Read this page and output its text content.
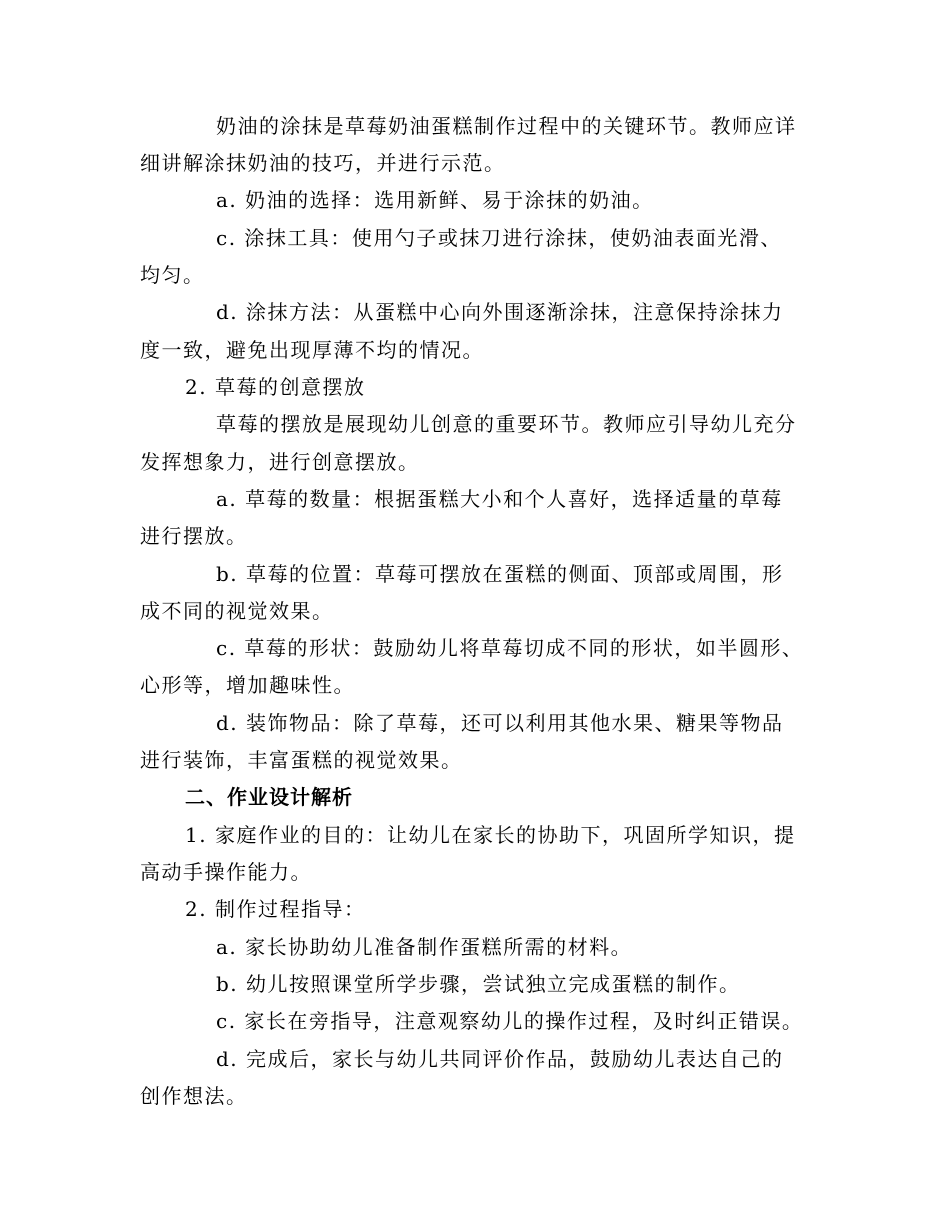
奶油的涂抹是草莓奶油蛋糕制作过程中的关键环节。教师应详
细讲解涂抹奶油的技巧，并进行示范。
a. 奶油的选择：选用新鲜、易于涂抹的奶油。
c. 涂抹工具：使用勺子或抹刀进行涂抹，使奶油表面光滑、
均匀。
d. 涂抹方法：从蛋糕中心向外围逐渐涂抹，注意保持涂抹力
度一致，避免出现厚薄不均的情况。
2. 草莓的创意摆放
草莓的摆放是展现幼儿创意的重要环节。教师应引导幼儿充分
发挥想象力，进行创意摆放。
a. 草莓的数量：根据蛋糕大小和个人喜好，选择适量的草莓
进行摆放。
b. 草莓的位置：草莓可摆放在蛋糕的侧面、顶部或周围，形
成不同的视觉效果。
c. 草莓的形状：鼓励幼儿将草莓切成不同的形状，如半圆形、
心形等，增加趣味性。
d. 装饰物品：除了草莓，还可以利用其他水果、糖果等物品
进行装饰，丰富蛋糕的视觉效果。
二、作业设计解析
1. 家庭作业的目的：让幼儿在家长的协助下，巩固所学知识，提
高动手操作能力。
2. 制作过程指导：
a. 家长协助幼儿准备制作蛋糕所需的材料。
b. 幼儿按照课堂所学步骤，尝试独立完成蛋糕的制作。
c. 家长在旁指导，注意观察幼儿的操作过程，及时纠正错误。
d. 完成后，家长与幼儿共同评价作品，鼓励幼儿表达自己的
创作想法。
